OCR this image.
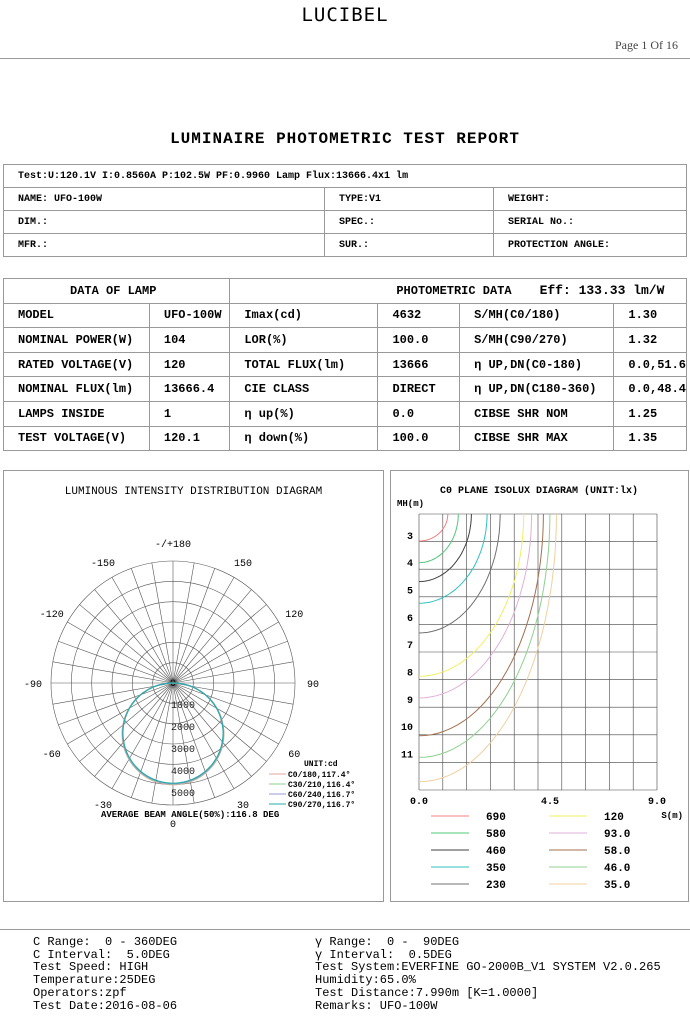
LUCIBEL
Page 1 Of 16
LUMINAIRE PHOTOMETRIC TEST REPORT
Test:U:120.1V I:0.8560A P:102.5W PF:0.9960 Lamp Flux:13666.4x1 lm		
NAME: UFO-100W	TYPE:V1	WEIGHT:
DIM.:	SPEC.:	SERIAL No.:
MFR.:	SUR.:	PROTECTION ANGLE:
DATA OF LAMP		PHOTOMETRIC DATA Eff: 133.33 lm/W			
MODEL	UFO-100W	Imax(cd)	4632	S/MH(C0/180)	1.30
NOMINAL POWER(W)	104	LOR(%)	100.0	S/MH(C90/270)	1.32
RATED VOLTAGE(V)	120	TOTAL FLUX(lm)	13666	η UP,DN(C0-180)	0.0,51.6
NOMINAL FLUX(lm)	13666.4	CIE CLASS	DIRECT	η UP,DN(C180-360)	0.0,48.4
LAMPS INSIDE	1	η up(%)	0.0	CIBSE SHR NOM	1.25
TEST VOLTAGE(V)	120.1	η down(%)	100.0	CIBSE SHR MAX	1.35
LUMINOUS INTENSITY DISTRIBUTION DIAGRAM
-/+180
150
120
90
60
30
0
-30
-60
-90
-120
-150
1000
2000
3000
4000
5000
0
UNIT:cd
C0/180,117.4°
C30/210,116.4°
C60/240,116.7°
C90/270,116.7°
AVERAGE BEAM ANGLE(50%):116.8 DEG
C0 PLANE ISOLUX DIAGRAM (UNIT:lx)
MH(m)
3
4
5
6
7
8
9
10
11
0.0	4.5	9.0
S(m)
690
580
460
350
230
120
93.0
58.0
46.0
35.0
C Range:  0 - 360DEG
C Interval:  5.0DEG
Test Speed: HIGH
Temperature:25DEG
Operators:zpf
Test Date:2016-08-06
γ Range:  0 -  90DEG
γ Interval:  0.5DEG
Test System:EVERFINE GO-2000B_V1 SYSTEM V2.0.265
Humidity:65.0%
Test Distance:7.990m [K=1.0000]
Remarks: UFO-100W
